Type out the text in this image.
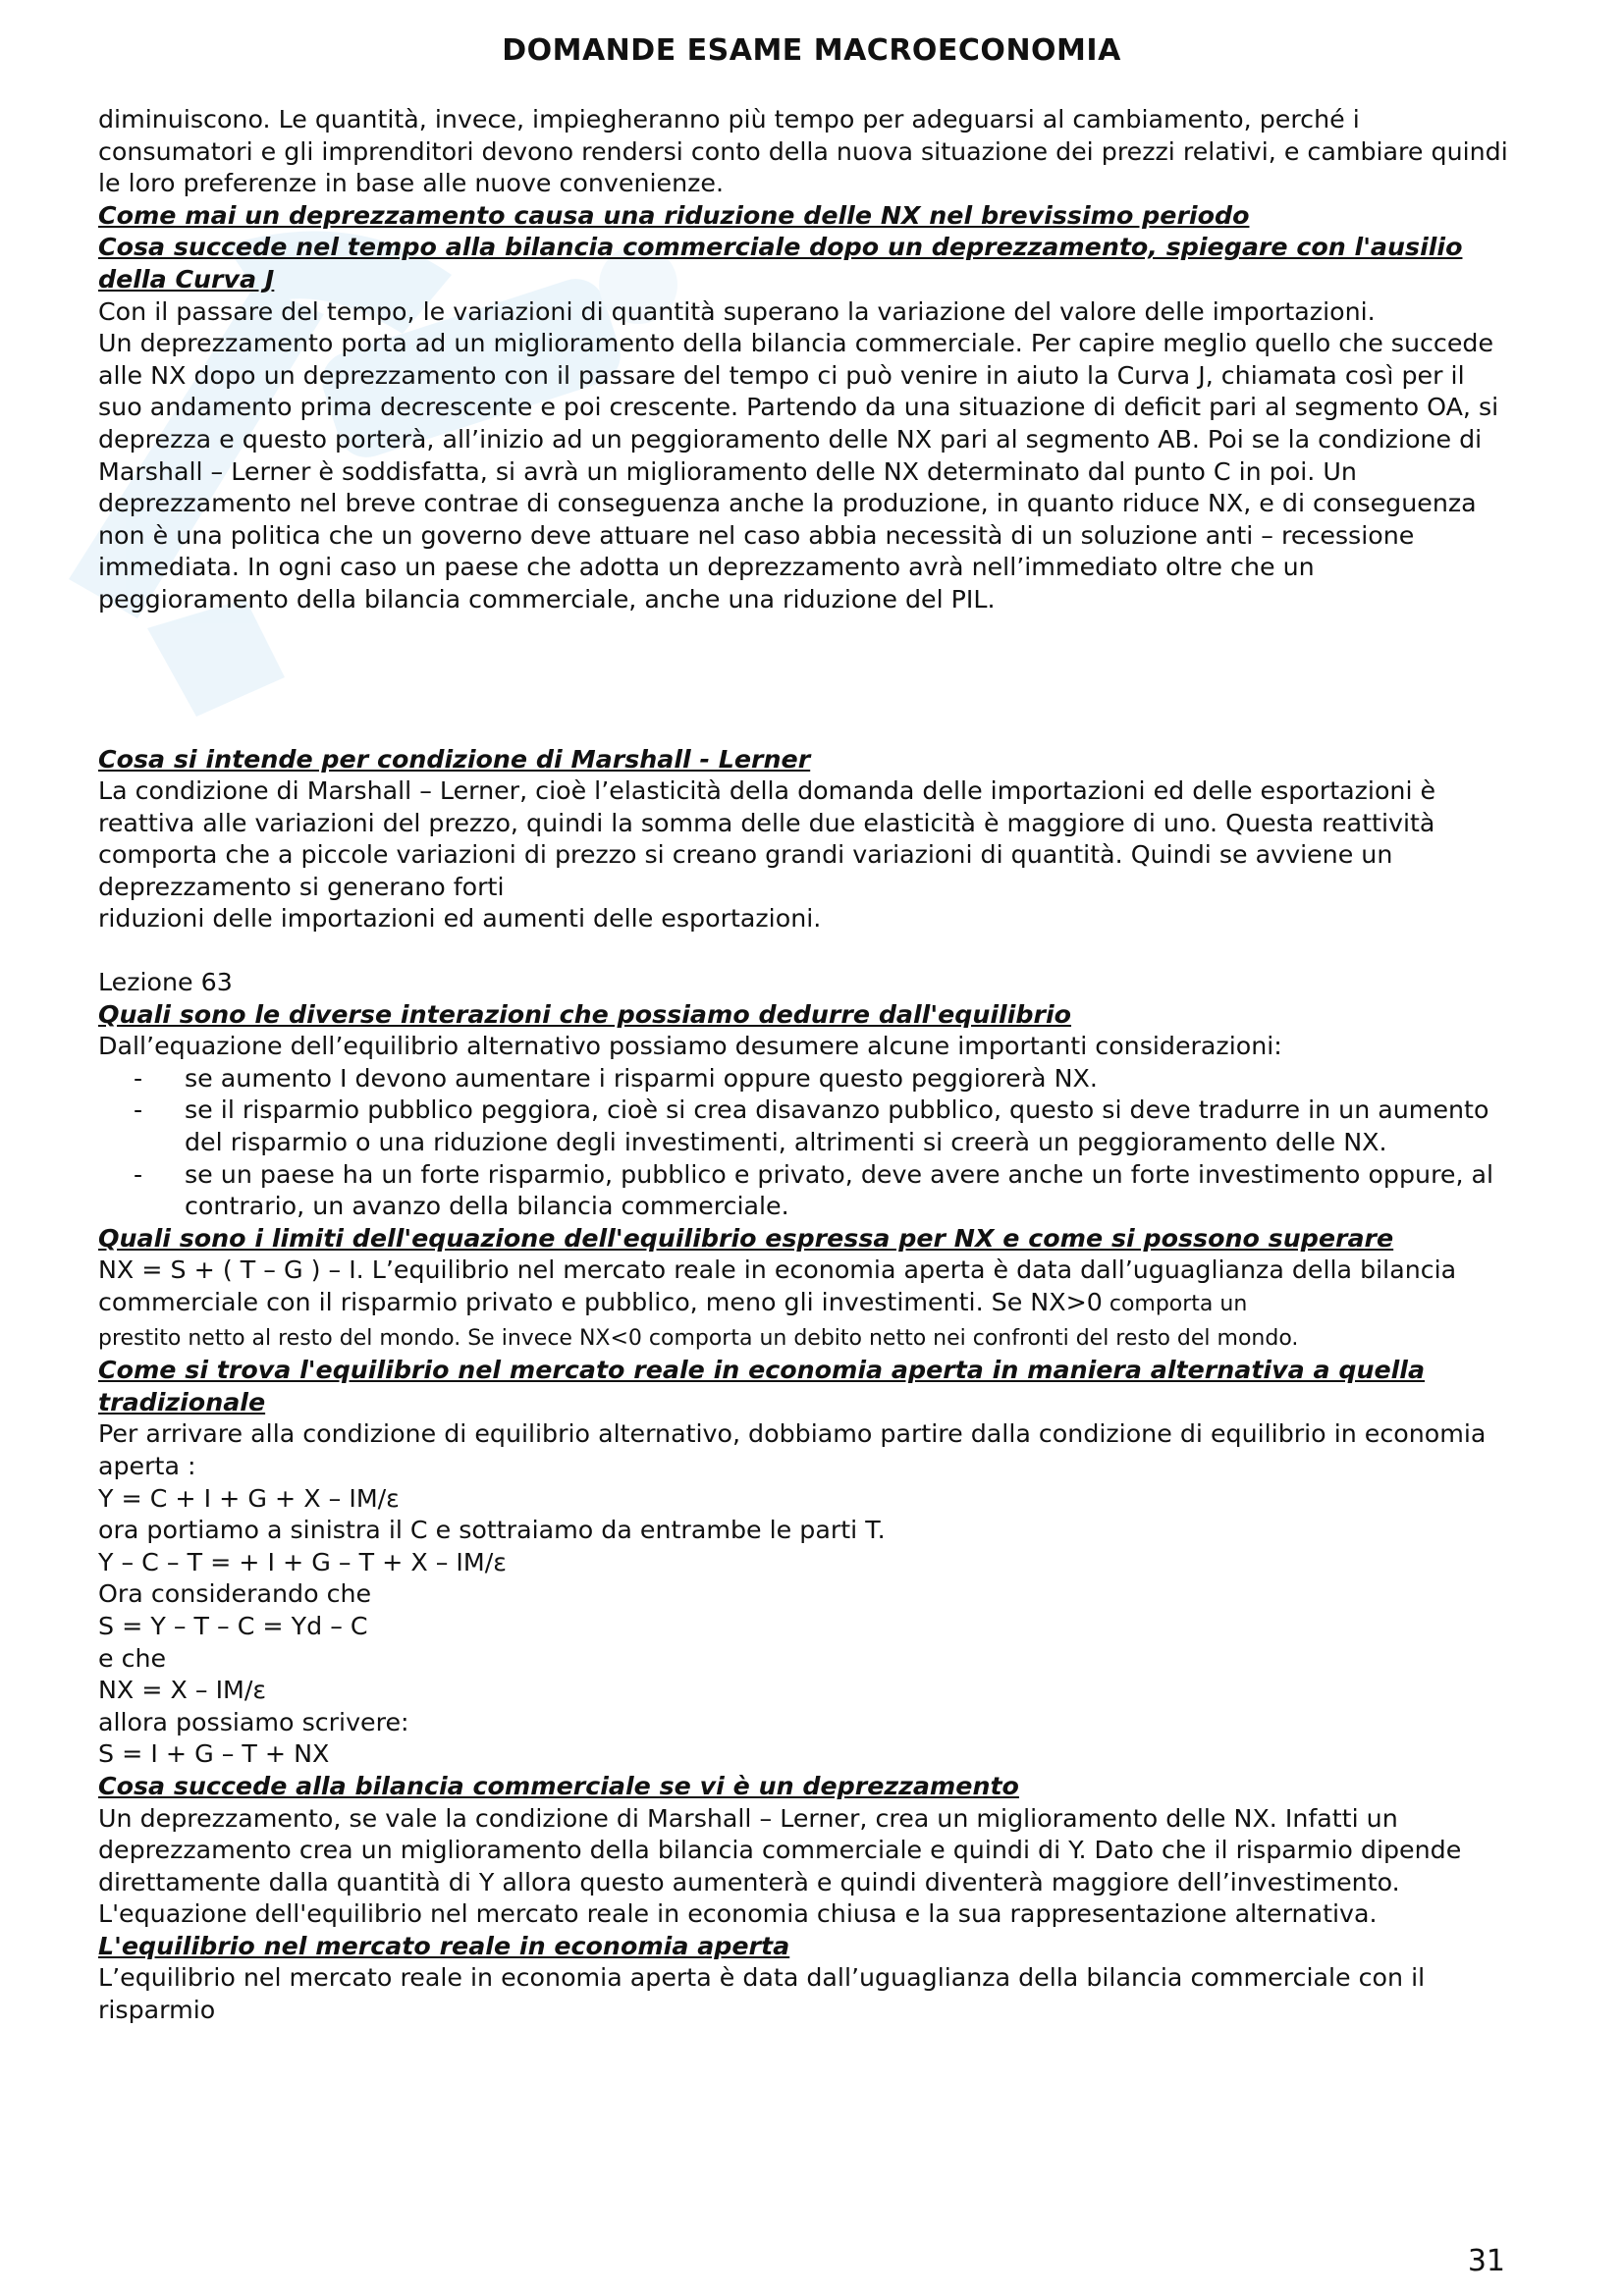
DOMANDE ESAME MACROECONOMIA

diminuiscono. Le quantità, invece, impiegheranno più tempo per adeguarsi al cambiamento, perché i consumatori e gli imprenditori devono rendersi conto della nuova situazione dei prezzi relativi, e cambiare quindi le loro preferenze in base alle nuove convenienze.

Come mai un deprezzamento causa una riduzione delle NX nel brevissimo periodo

Cosa succede nel tempo alla bilancia commerciale dopo un deprezzamento, spiegare con l'ausilio della Curva J

Con il passare del tempo, le variazioni di quantità superano la variazione del valore delle importazioni.

Un deprezzamento porta ad un miglioramento della bilancia commerciale. Per capire meglio quello che succede alle NX dopo un deprezzamento con il passare del tempo ci può venire in aiuto la Curva J, chiamata così per il suo andamento prima decrescente e poi crescente. Partendo da una situazione di deficit pari al segmento OA, si deprezza e questo porterà, all’inizio ad un peggioramento delle NX pari al segmento AB. Poi se la condizione di Marshall – Lerner è soddisfatta, si avrà un miglioramento delle NX determinato dal punto C in poi. Un deprezzamento nel breve contrae di conseguenza anche la produzione, in quanto riduce NX, e di conseguenza non è una politica che un governo deve attuare nel caso abbia necessità di un soluzione anti – recessione immediata. In ogni caso un paese che adotta un deprezzamento avrà nell’immediato oltre che un peggioramento della bilancia commerciale, anche una riduzione del PIL.

Cosa si intende per condizione di Marshall - Lerner

La condizione di Marshall – Lerner, cioè l’elasticità della domanda delle importazioni ed delle esportazioni è reattiva alle variazioni del prezzo, quindi la somma delle due elasticità è maggiore di uno. Questa reattività comporta che a piccole variazioni di prezzo si creano grandi variazioni di quantità. Quindi se avviene un deprezzamento si generano forti

riduzioni delle importazioni ed aumenti delle esportazioni.

Lezione 63

Quali sono le diverse interazioni che possiamo dedurre dall'equilibrio

Dall’equazione dell’equilibrio alternativo possiamo desumere alcune importanti considerazioni:

- se aumento I devono aumentare i risparmi oppure questo peggiorerà NX.
- se il risparmio pubblico peggiora, cioè si crea disavanzo pubblico, questo si deve tradurre in un aumento del risparmio o una riduzione degli investimenti, altrimenti si creerà un peggioramento delle NX.
- se un paese ha un forte risparmio, pubblico e privato, deve avere anche un forte investimento oppure, al contrario, un avanzo della bilancia commerciale.

Quali sono i limiti dell'equazione dell'equilibrio espressa per NX e come si possono superare

NX = S + ( T – G ) – I. L’equilibrio nel mercato reale in economia aperta è data dall’uguaglianza della bilancia commerciale con il risparmio privato e pubblico, meno gli investimenti. Se NX>0 comporta un
prestito netto al resto del mondo. Se invece NX<0 comporta un debito netto nei confronti del resto del mondo.

Come si trova l'equilibrio nel mercato reale in economia aperta in maniera alternativa a quella tradizionale

Per arrivare alla condizione di equilibrio alternativo, dobbiamo partire dalla condizione di equilibrio in economia aperta :

Y = C + I + G + X – IM/ε

ora portiamo a sinistra il C e sottraiamo da entrambe le parti T.

Y – C – T = + I + G – T + X – IM/ε

Ora considerando che

S = Y – T – C = Yd – C

e che

NX = X – IM/ε

allora possiamo scrivere:

S = I + G – T + NX

Cosa succede alla bilancia commerciale se vi è un deprezzamento

Un deprezzamento, se vale la condizione di Marshall – Lerner, crea un miglioramento delle NX. Infatti un deprezzamento crea un miglioramento della bilancia commerciale e quindi di Y. Dato che il risparmio dipende direttamente dalla quantità di Y allora questo aumenterà e quindi diventerà maggiore dell’investimento. L'equazione dell'equilibrio nel mercato reale in economia chiusa e la sua rappresentazione alternativa.

L'equilibrio nel mercato reale in economia aperta

L’equilibrio nel mercato reale in economia aperta è data dall’uguaglianza della bilancia commerciale con il risparmio

31
